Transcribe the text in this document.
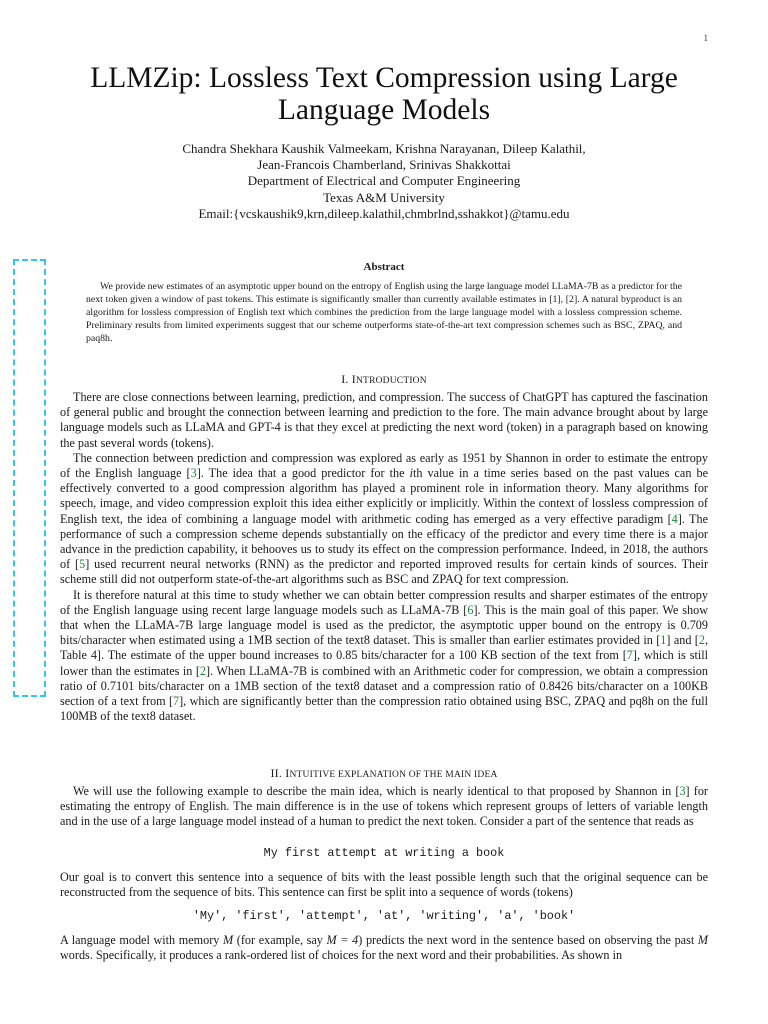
1
LLMZip: Lossless Text Compression using Large
Language Models
Chandra Shekhara Kaushik Valmeekam, Krishna Narayanan, Dileep Kalathil,
Jean-Francois Chamberland, Srinivas Shakkottai
Department of Electrical and Computer Engineering
Texas A&M University
Email:{vcskaushik9,krn,dileep.kalathil,chmbrlnd,sshakkot}@tamu.edu
Abstract

We provide new estimates of an asymptotic upper bound on the entropy of English using the large language model LLaMA-7B as a predictor for the next token given a window of past tokens. This estimate is significantly smaller than currently available estimates in [1], [2]. A natural byproduct is an algorithm for lossless compression of English text which combines the prediction from the large language model with a lossless compression scheme. Preliminary results from limited experiments suggest that our scheme outperforms state-of-the-art text compression schemes such as BSC, ZPAQ, and paq8h.

I. INTRODUCTION

There are close connections between learning, prediction, and compression. The success of ChatGPT has captured the fascination of general public and brought the connection between learning and prediction to the fore. The main advance brought about by large language models such as LLaMA and GPT-4 is that they excel at predicting the next word (token) in a paragraph based on knowing the past several words (tokens).

The connection between prediction and compression was explored as early as 1951 by Shannon in order to estimate the entropy of the English language [3]. The idea that a good predictor for the ith value in a time series based on the past values can be effectively converted to a good compression algorithm has played a prominent role in information theory. Many algorithms for speech, image, and video compression exploit this idea either explicitly or implicitly. Within the context of lossless compression of English text, the idea of combining a language model with arithmetic coding has emerged as a very effective paradigm [4]. The performance of such a compression scheme depends substantially on the efficacy of the predictor and every time there is a major advance in the prediction capability, it behooves us to study its effect on the compression performance. Indeed, in 2018, the authors of [5] used recurrent neural networks (RNN) as the predictor and reported improved results for certain kinds of sources. Their scheme still did not outperform state-of-the-art algorithms such as BSC and ZPAQ for text compression.

It is therefore natural at this time to study whether we can obtain better compression results and sharper estimates of the entropy of the English language using recent large language models such as LLaMA-7B [6]. This is the main goal of this paper. We show that when the LLaMA-7B large language model is used as the predictor, the asymptotic upper bound on the entropy is 0.709 bits/character when estimated using a 1MB section of the text8 dataset. This is smaller than earlier estimates provided in [1] and [2, Table 4]. The estimate of the upper bound increases to 0.85 bits/character for a 100 KB section of the text from [7], which is still lower than the estimates in [2]. When LLaMA-7B is combined with an Arithmetic coder for compression, we obtain a compression ratio of 0.7101 bits/character on a 1MB section of the text8 dataset and a compression ratio of 0.8426 bits/character on a 100KB section of a text from [7], which are significantly better than the compression ratio obtained using BSC, ZPAQ and pq8h on the full 100MB of the text8 dataset.

II. INTUITIVE EXPLANATION OF THE MAIN IDEA

We will use the following example to describe the main idea, which is nearly identical to that proposed by Shannon in [3] for estimating the entropy of English. The main difference is in the use of tokens which represent groups of letters of variable length and in the use of a large language model instead of a human to predict the next token. Consider a part of the sentence that reads as

My first attempt at writing a book

Our goal is to convert this sentence into a sequence of bits with the least possible length such that the original sequence can be reconstructed from the sequence of bits. This sentence can first be split into a sequence of words (tokens)

′My′, ′first′, ′attempt′, ′at′, ′writing′, ′a′, ′book′

A language model with memory M (for example, say M = 4) predicts the next word in the sentence based on observing the past M words. Specifically, it produces a rank-ordered list of choices for the next word and their probabilities. As shown in
